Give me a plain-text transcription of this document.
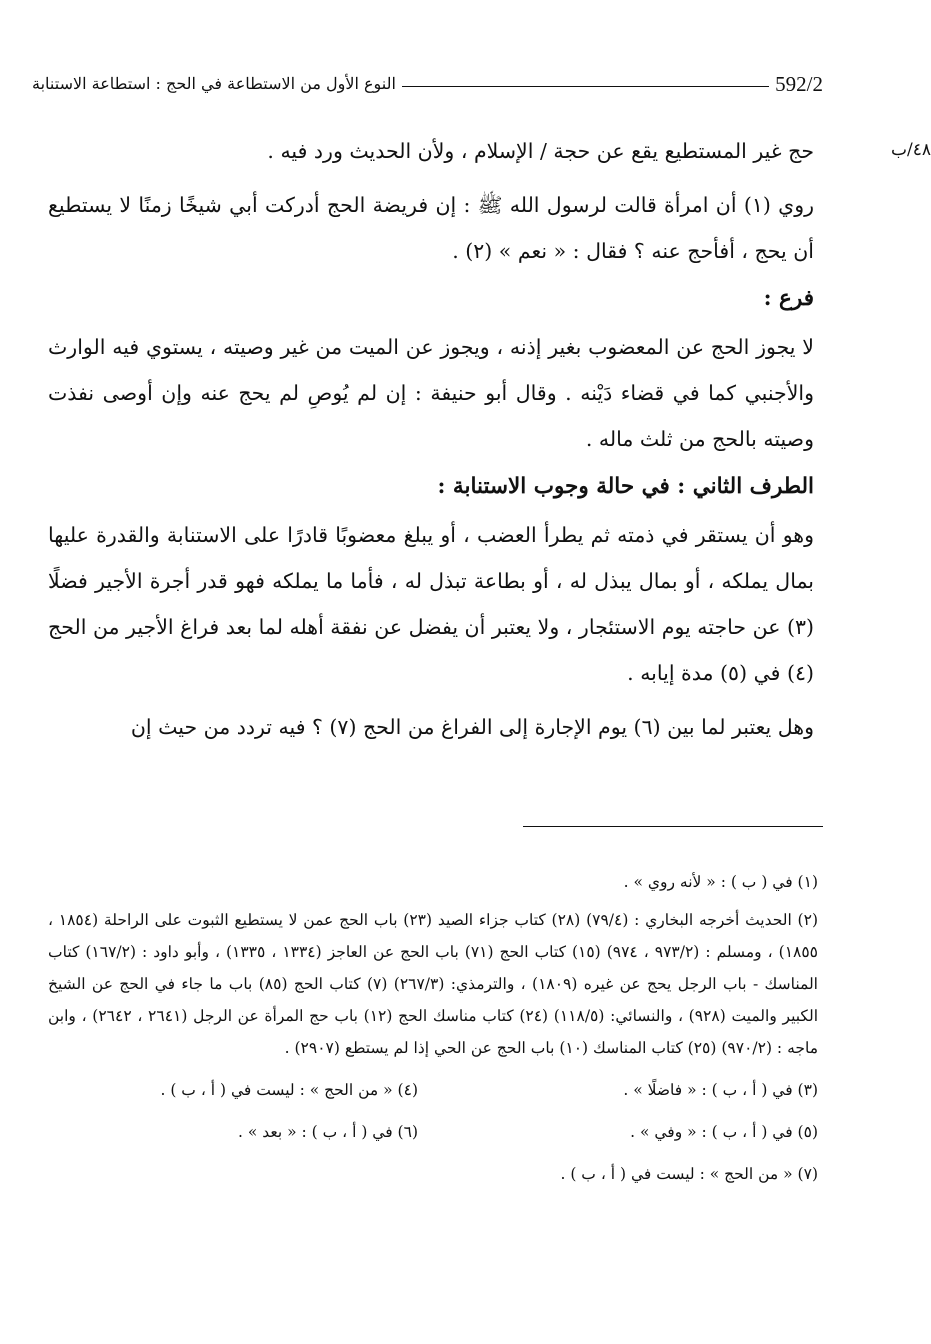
592/2
النوع الأول من الاستطاعة في الحج : استطاعة الاستنابة
٤٨/ب

حج غير المستطيع يقع عن حجة / الإسلام ، ولأن الحديث ورد فيه .

روي (١) أن امرأة قالت لرسول الله ﷺ : إن فريضة الحج أدركت أبي شيخًا زمنًا لا يستطيع أن يحج ، أفأحج عنه ؟ فقال : « نعم » (٢) .

فرع :

لا يجوز الحج عن المعضوب بغير إذنه ، ويجوز عن الميت من غير وصيته ، يستوي فيه الوارث والأجنبي كما في قضاء دَيْنه . وقال أبو حنيفة : إن لم يُوصِ لم يحج عنه وإن أوصى نفذت وصيته بالحج من ثلث ماله .

الطرف الثاني : في حالة وجوب الاستنابة :

وهو أن يستقر في ذمته ثم يطرأ العضب ، أو يبلغ معضوبًا قادرًا على الاستنابة والقدرة عليها بمال يملكه ، أو بمال يبذل له ، أو بطاعة تبذل له ، فأما ما يملكه فهو قدر أجرة الأجير فضلًا (٣) عن حاجته يوم الاستئجار ، ولا يعتبر أن يفضل عن نفقة أهله لما بعد فراغ الأجير من الحج (٤) في (٥) مدة إيابه .

وهل يعتبر لما بين (٦) يوم الإجارة إلى الفراغ من الحج (٧) ؟ فيه تردد من حيث إن

(١) في ( ب ) : « لأنه روي » .

(٢) الحديث أخرجه البخاري : (٧٩/٤) (٢٨) كتاب جزاء الصيد (٢٣) باب الحج عمن لا يستطيع الثبوت على الراحلة (١٨٥٤ ، ١٨٥٥) ، ومسلم : (٩٧٣/٢ ، ٩٧٤) (١٥) كتاب الحج (٧١) باب الحج عن العاجز (١٣٣٤ ، ١٣٣٥) ، وأبو داود : (١٦٧/٢) كتاب المناسك - باب الرجل يحج عن غيره (١٨٠٩) ، والترمذي: (٢٦٧/٣) (٧) كتاب الحج (٨٥) باب ما جاء في الحج عن الشيخ الكبير والميت (٩٢٨) ، والنسائي: (١١٨/٥) (٢٤) كتاب مناسك الحج (١٢) باب حج المرأة عن الرجل (٢٦٤١ ، ٢٦٤٢) ، وابن ماجه : (٩٧٠/٢) (٢٥) كتاب المناسك (١٠) باب الحج عن الحي إذا لم يستطع (٢٩٠٧) .

(٣) في ( أ ، ب ) : « فاضلًا » .
(٤) « من الحج » : ليست في ( أ ، ب ) .
(٥) في ( أ ، ب ) : « وفي » .
(٦) في ( أ ، ب ) : « بعد » .

(٧) « من الحج » : ليست في ( أ ، ب ) .
